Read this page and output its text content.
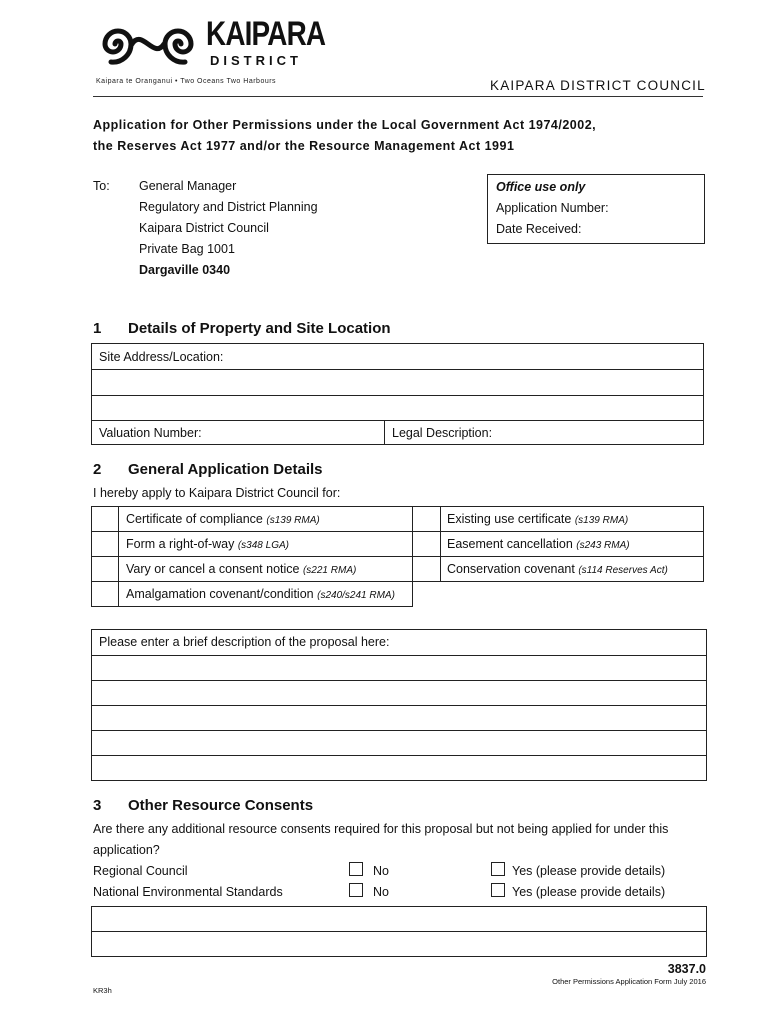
KAIPARA
DISTRICT
Kaipara te Oranganui • Two Oceans Two Harbours	KAIPARA DISTRICT COUNCIL
Application for Other Permissions under the Local Government Act 1974/2002,
the Reserves Act 1977 and/or the Resource Management Act 1991
To: General Manager
Regulatory and District Planning
Kaipara District Council
Private Bag 1001
Dargaville 0340
Office use only
Application Number:
Date Received:
1 Details of Property and Site Location
Site Address/Location:
Valuation Number:	Legal Description:
2 General Application Details
I hereby apply to Kaipara District Council for:
Certificate of compliance (s139 RMA)	Existing use certificate (s139 RMA)
Form a right-of-way (s348 LGA)	Easement cancellation (s243 RMA)
Vary or cancel a consent notice (s221 RMA)	Conservation covenant (s114 Reserves Act)
Amalgamation covenant/condition (s240/s241 RMA)
Please enter a brief description of the proposal here:
3 Other Resource Consents
Are there any additional resource consents required for this proposal but not being applied for under this
application?
Regional Council	No	Yes (please provide details)
National Environmental Standards	No	Yes (please provide details)
3837.0
Other Permissions Application Form July 2016
KR3h
